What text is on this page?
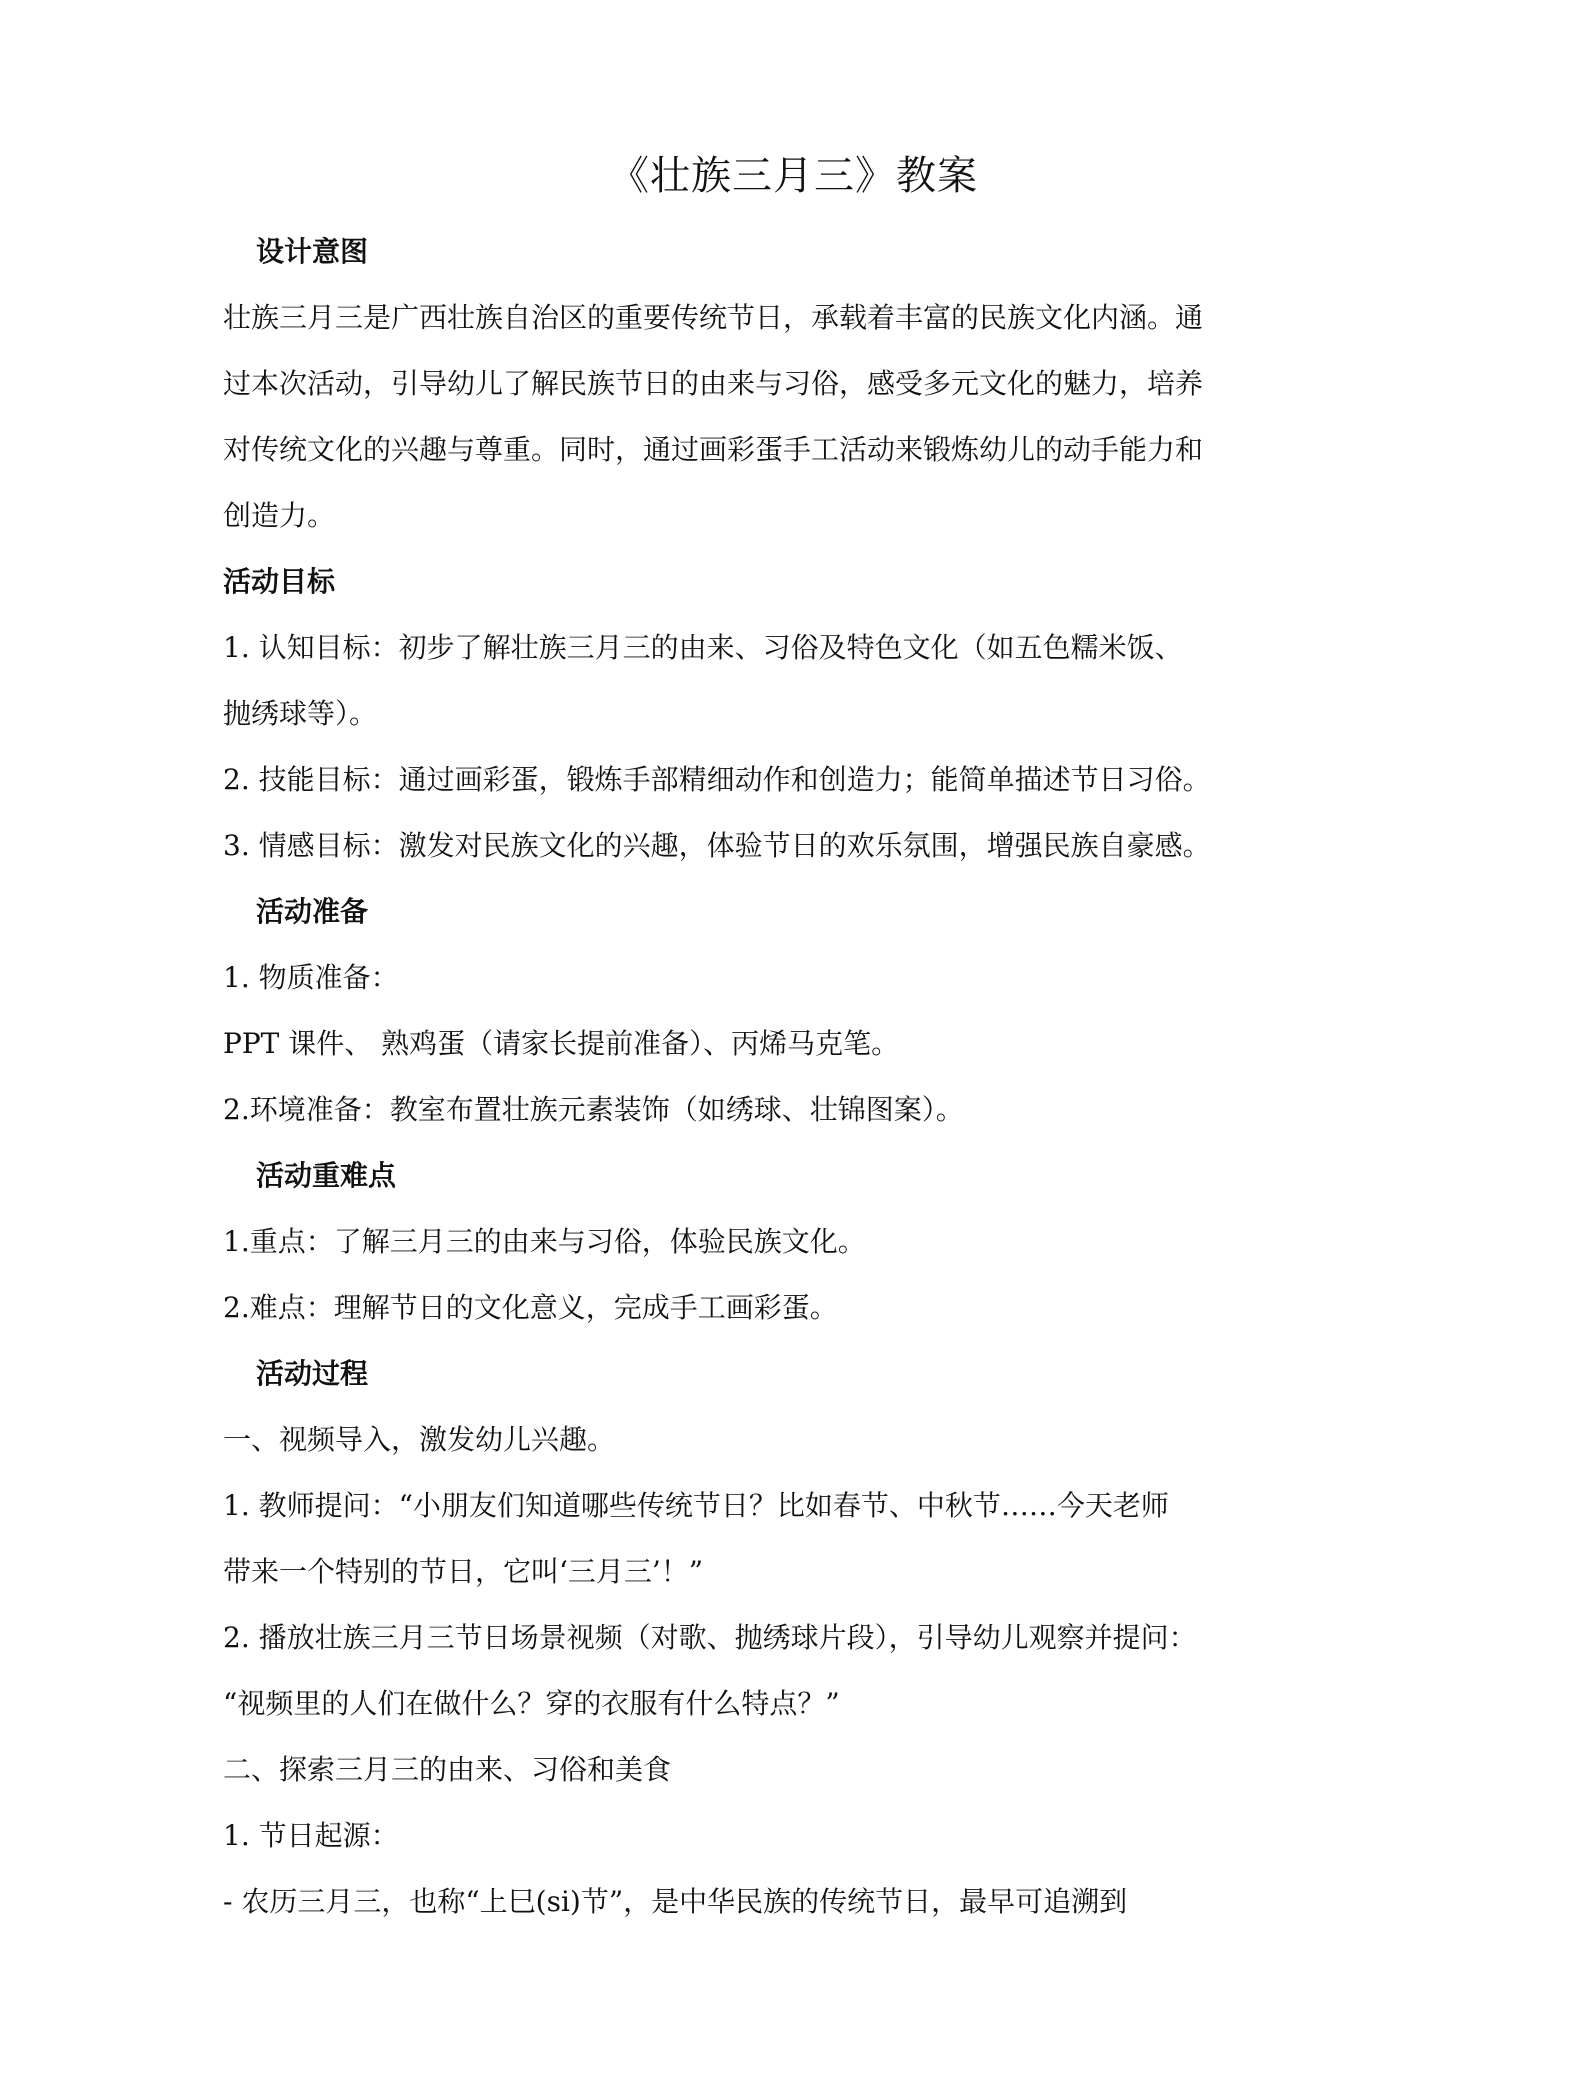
《壮族三月三》教案
设计意图
壮族三月三是广西壮族自治区的重要传统节日，承载着丰富的民族文化内涵。通
过本次活动，引导幼儿了解民族节日的由来与习俗，感受多元文化的魅力，培养
对传统文化的兴趣与尊重。同时，通过画彩蛋手工活动来锻炼幼儿的动手能力和
创造力。
活动目标
1. 认知目标：初步了解壮族三月三的由来、习俗及特色文化（如五色糯米饭、
抛绣球等）。
2. 技能目标：通过画彩蛋，锻炼手部精细动作和创造力；能简单描述节日习俗。
3. 情感目标：激发对民族文化的兴趣，体验节日的欢乐氛围，增强民族自豪感。
活动准备
1. 物质准备：
PPT 课件、 熟鸡蛋（请家长提前准备）、丙烯马克笔。
2.环境准备：教室布置壮族元素装饰（如绣球、壮锦图案）。
活动重难点
1.重点：了解三月三的由来与习俗，体验民族文化。
2.难点：理解节日的文化意义，完成手工画彩蛋。
活动过程
一、视频导入，激发幼儿兴趣。
1. 教师提问：“小朋友们知道哪些传统节日？比如春节、中秋节……今天老师
带来一个特别的节日，它叫‘三月三’！”
2. 播放壮族三月三节日场景视频（对歌、抛绣球片段），引导幼儿观察并提问：
“视频里的人们在做什么？穿的衣服有什么特点？”
二、探索三月三的由来、习俗和美食
1. 节日起源：
- 农历三月三，也称“上巳(si)节”，是中华民族的传统节日，最早可追溯到
